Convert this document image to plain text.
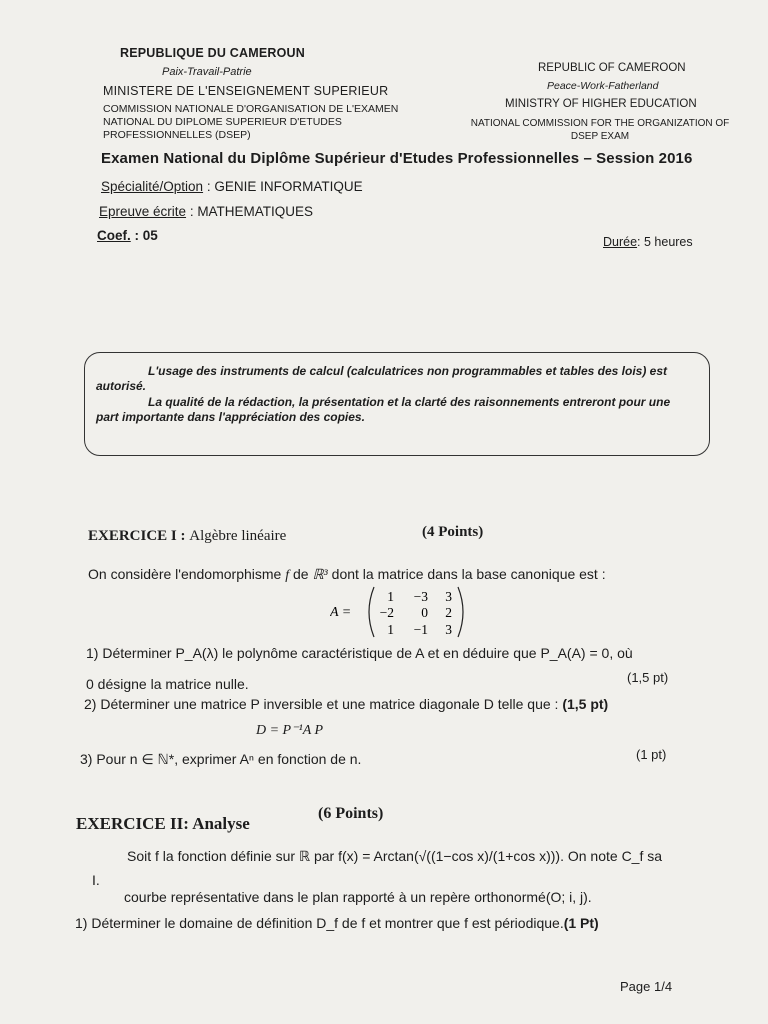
REPUBLIQUE DU CAMEROUN
Paix-Travail-Patrie
MINISTERE DE L'ENSEIGNEMENT SUPERIEUR
COMMISSION NATIONALE D'ORGANISATION DE L'EXAMEN NATIONAL DU DIPLOME SUPERIEUR D'ETUDES PROFESSIONNELLES (DSEP)
REPUBLIC OF CAMEROON
Peace-Work-Fatherland
MINISTRY OF HIGHER EDUCATION
NATIONAL COMMISSION FOR THE ORGANIZATION OF DSEP EXAM
Examen National du Diplôme Supérieur d'Etudes Professionnelles – Session 2016
Spécialité/Option : GENIE INFORMATIQUE
Epreuve écrite : MATHEMATIQUES
Coef. : 05	Durée: 5 heures
L'usage des instruments de calcul (calculatrices non programmables et tables des lois) est autorisé.
La qualité de la rédaction, la présentation et la clarté des raisonnements entreront pour une part importante dans l'appréciation des copies.
EXERCICE I : Algèbre linéaire	(4 Points)
On considère l'endomorphisme f de ℝ³ dont la matrice dans la base canonique est :
A =
1 −3 3
−2 0 2
1 −1 3
1) Déterminer P_A(λ) le polynôme caractéristique de A et en déduire que P_A(A) = 0, où
0 désigne la matrice nulle.	(1,5 pt)
2) Déterminer une matrice P inversible et une matrice diagonale D telle que : (1,5 pt)
D = P⁻¹A P
3) Pour n ∈ ℕ*, exprimer Aⁿ en fonction de n.	(1 pt)
EXERCICE II: Analyse
(6 Points)
I.
Soit f la fonction définie sur ℝ par f(x) = Arctan(√((1−cos x)/(1+cos x))). On note C_f sa
courbe représentative dans le plan rapporté à un repère orthonormé(O; i, j).
1) Déterminer le domaine de définition D_f de f et montrer que f est périodique.(1 Pt)
Page 1/4
